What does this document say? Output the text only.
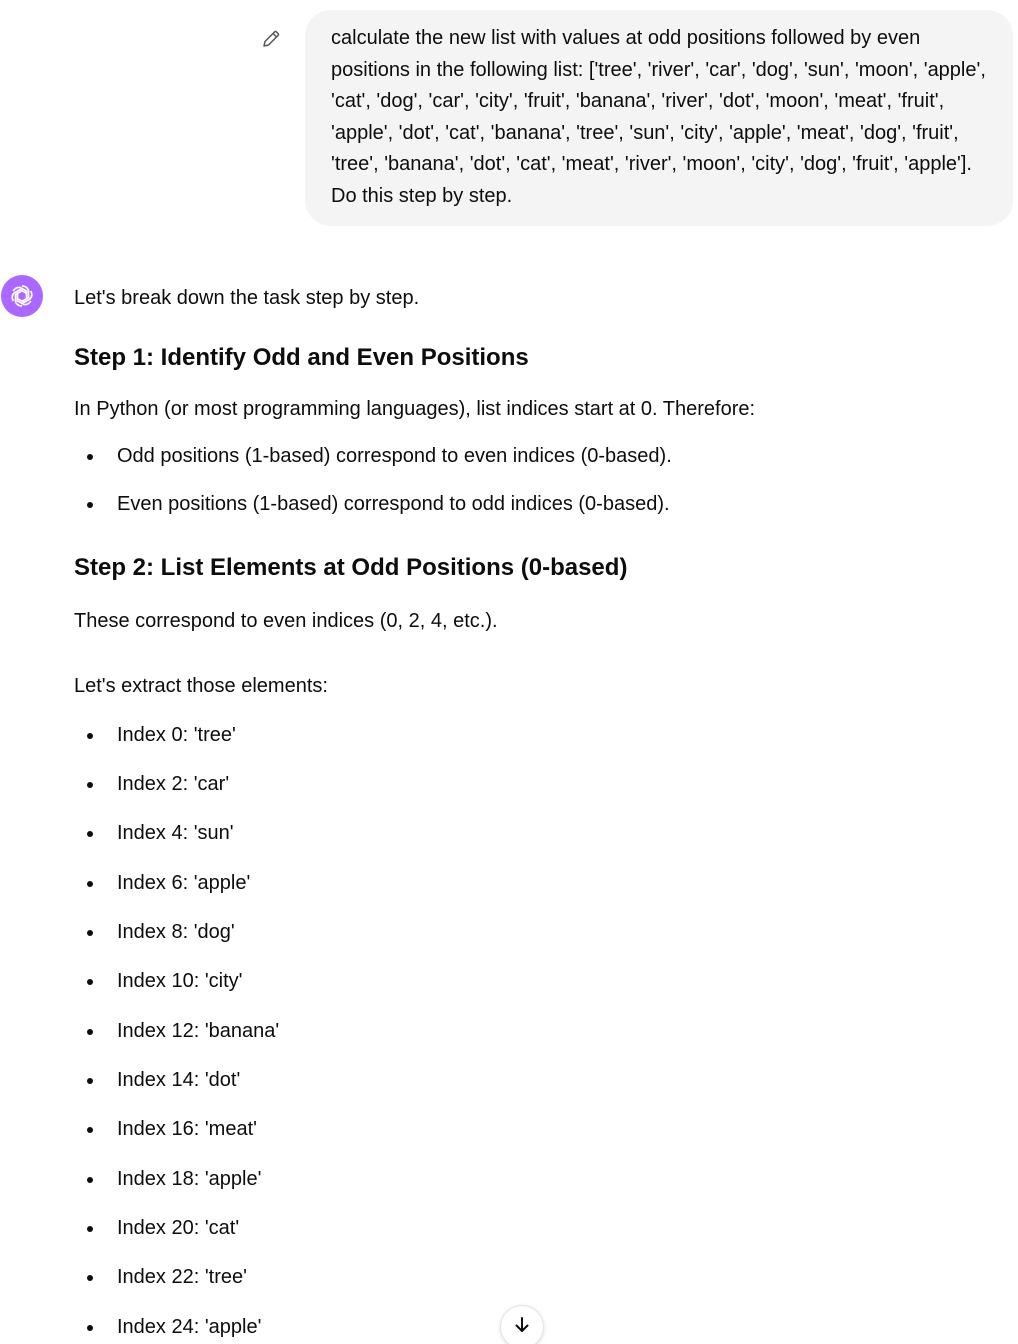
calculate the new list with values at odd positions followed by even positions in the following list: ['tree', 'river', 'car', 'dog', 'sun', 'moon', 'apple', 'cat', 'dog', 'car', 'city', 'fruit', 'banana', 'river', 'dot', 'moon', 'meat', 'fruit', 'apple', 'dot', 'cat', 'banana', 'tree', 'sun', 'city', 'apple', 'meat', 'dog', 'fruit', 'tree', 'banana', 'dot', 'cat', 'meat', 'river', 'moon', 'city', 'dog', 'fruit', 'apple']. Do this step by step.
Let's break down the task step by step.
Step 1: Identify Odd and Even Positions
In Python (or most programming languages), list indices start at 0. Therefore:
Odd positions (1-based) correspond to even indices (0-based).
Even positions (1-based) correspond to odd indices (0-based).
Step 2: List Elements at Odd Positions (0-based)
These correspond to even indices (0, 2, 4, etc.).
Let's extract those elements:
Index 0: 'tree'
Index 2: 'car'
Index 4: 'sun'
Index 6: 'apple'
Index 8: 'dog'
Index 10: 'city'
Index 12: 'banana'
Index 14: 'dot'
Index 16: 'meat'
Index 18: 'apple'
Index 20: 'cat'
Index 22: 'tree'
Index 24: 'apple'
